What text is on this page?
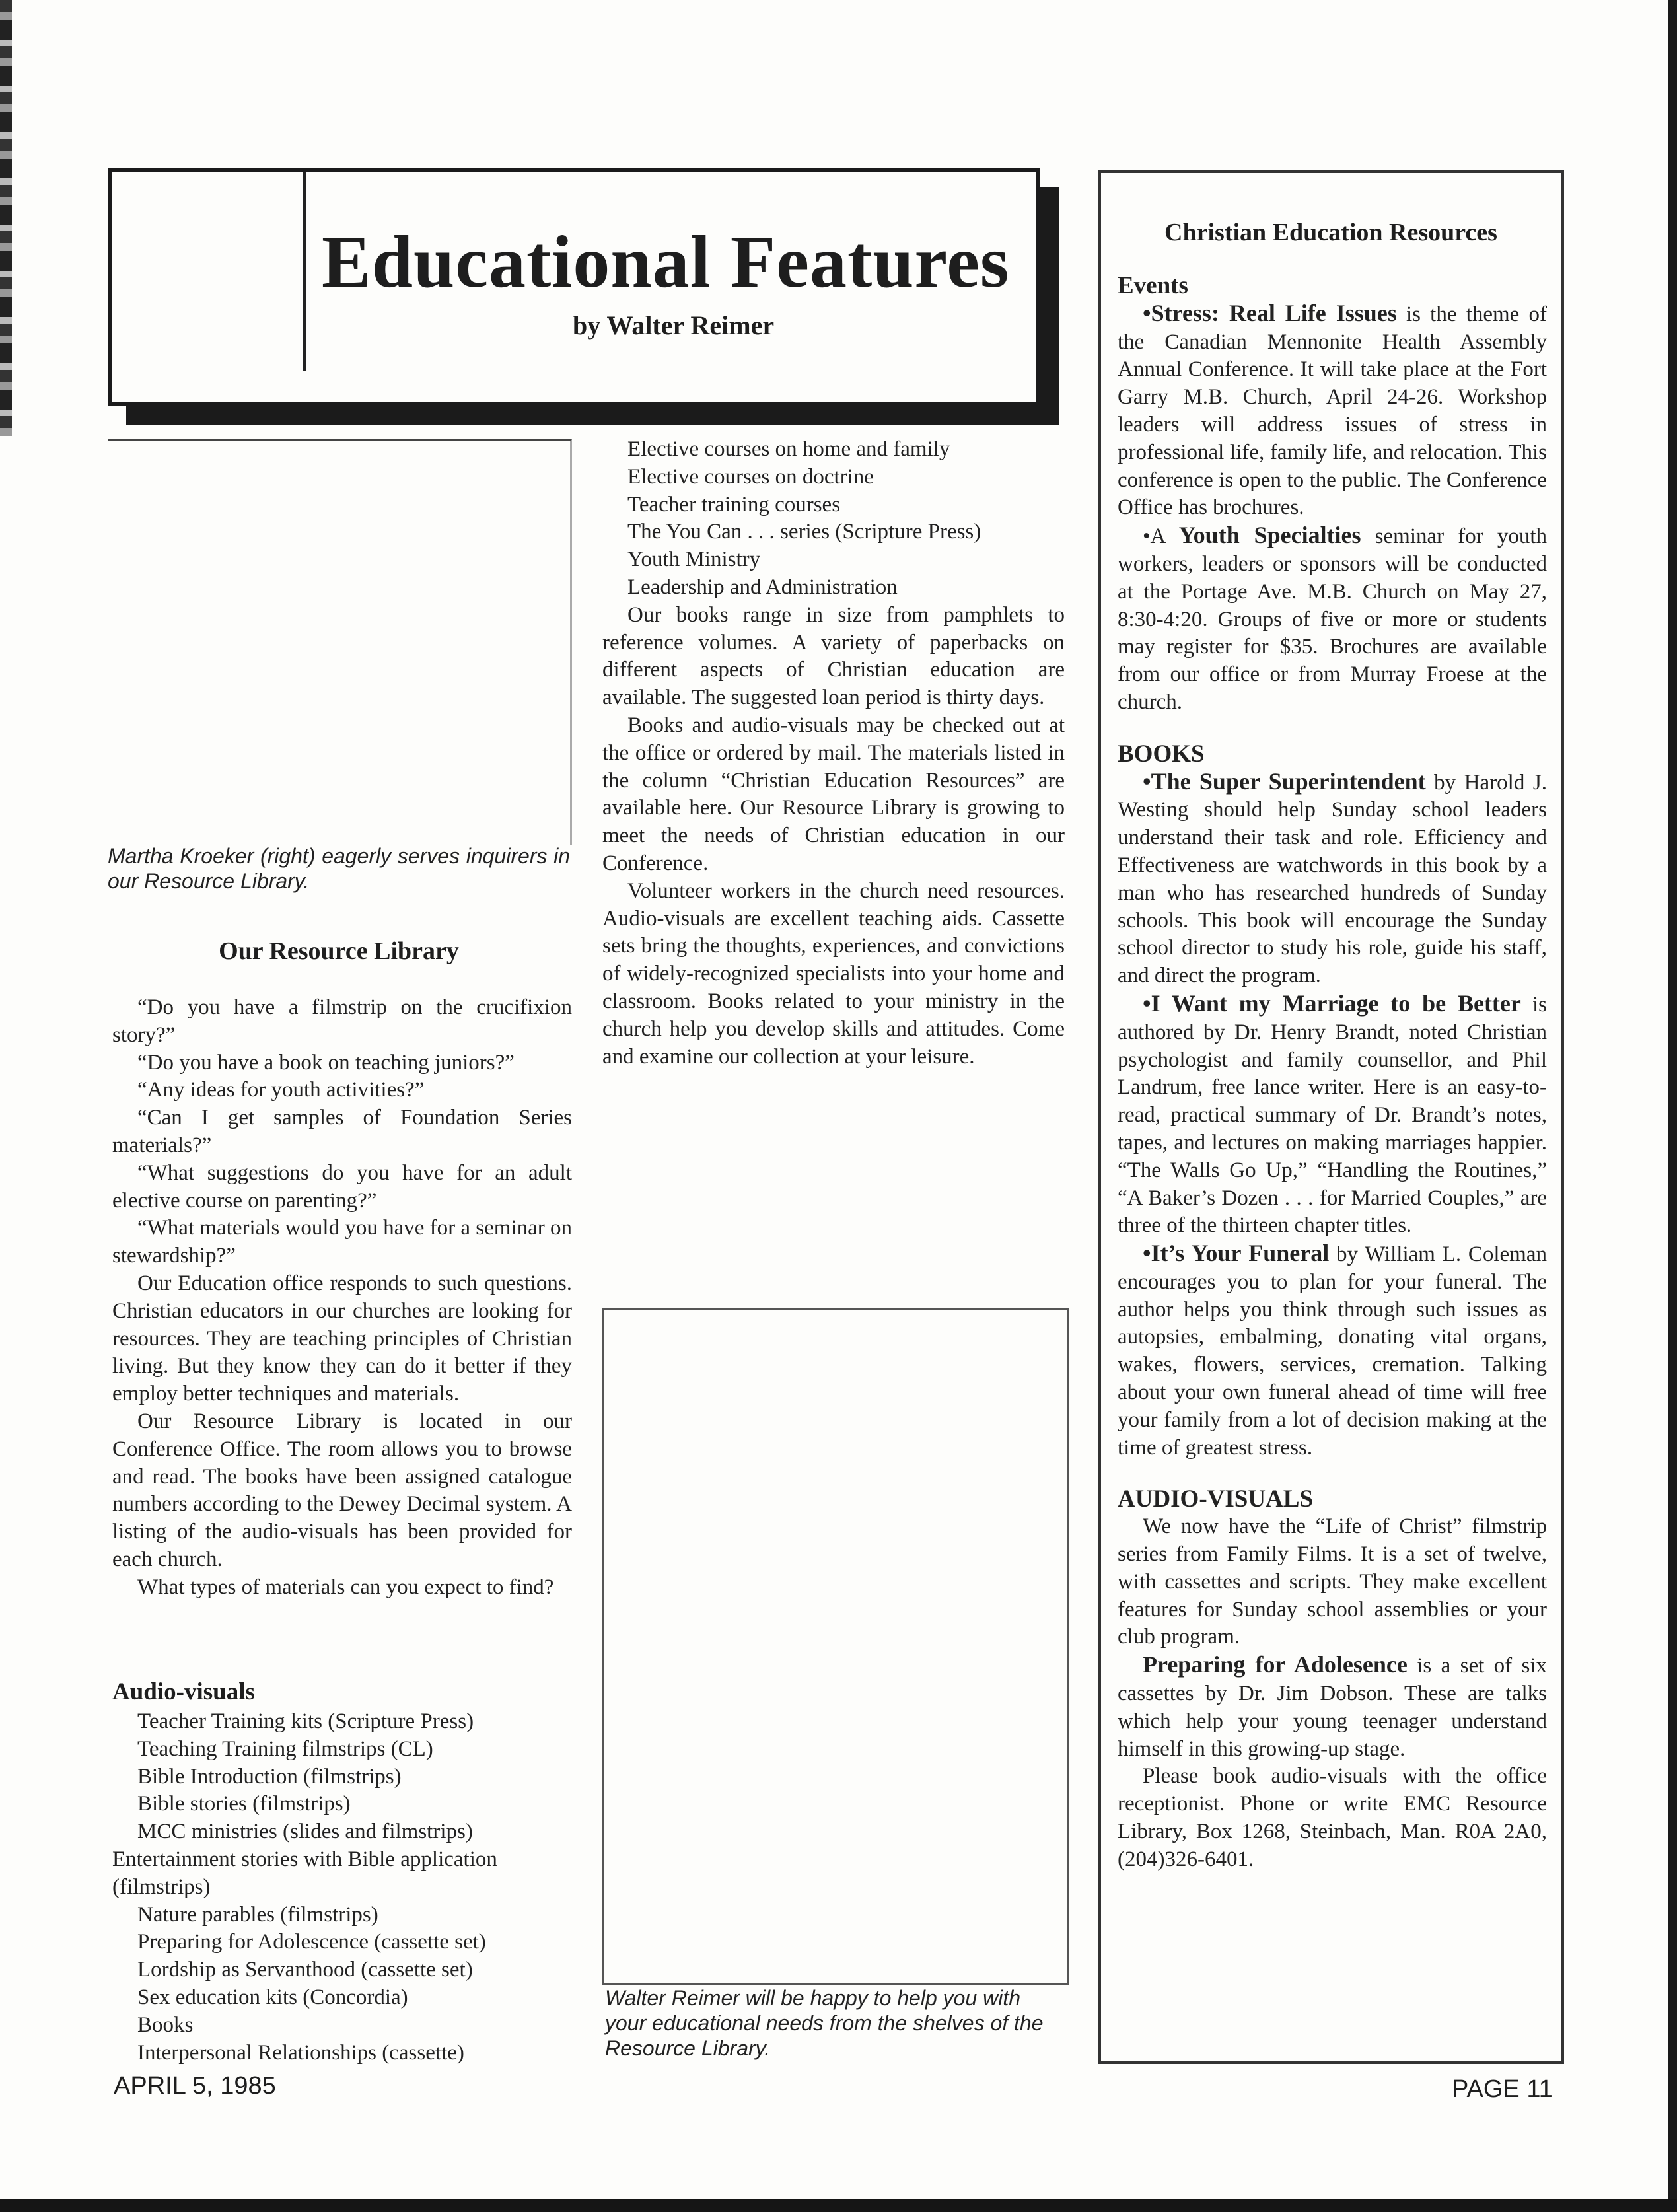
Educational Features
by Walter Reimer
Martha Kroeker (right) eagerly serves inquirers in our Resource Library.
Our Resource Library

“Do you have a filmstrip on the crucifixion story?”

“Do you have a book on teaching juniors?”

“Any ideas for youth activities?”

“Can I get samples of Foundation Series materials?”

“What suggestions do you have for an adult elective course on parenting?”

“What materials would you have for a seminar on stewardship?”

Our Education office responds to such questions. Christian educators in our churches are looking for resources. They are teaching principles of Christian living. But they know they can do it better if they employ better techniques and materials.

Our Resource Library is located in our Conference Office. The room allows you to browse and read. The books have been assigned catalogue numbers according to the Dewey Decimal system. A listing of the audio-visuals has been provided for each church.

What types of materials can you expect to find?

Audio-visuals
Teacher Training kits (Scripture Press)
Teaching Training filmstrips (CL)
Bible Introduction (filmstrips)
Bible stories (filmstrips)
MCC ministries (slides and filmstrips)
Entertainment stories with Bible application (filmstrips)
Nature parables (filmstrips)
Preparing for Adolescence (cassette set)
Lordship as Servanthood (cassette set)
Sex education kits (Concordia)
Books
Interpersonal Relationships (cassette)
Elective courses on home and family
Elective courses on doctrine
Teacher training courses
The You Can . . . series (Scripture Press)
Youth Ministry
Leadership and Administration

Our books range in size from pamphlets to reference volumes. A variety of paperbacks on different aspects of Christian education are available. The suggested loan period is thirty days.

Books and audio-visuals may be checked out at the office or ordered by mail. The materials listed in the column “Christian Education Resources” are available here. Our Resource Library is growing to meet the needs of Christian education in our Conference.

Volunteer workers in the church need resources. Audio-visuals are excellent teaching aids. Cassette sets bring the thoughts, experiences, and convictions of widely-recognized specialists into your home and classroom. Books related to your ministry in the church help you develop skills and attitudes. Come and examine our collection at your leisure.

Walter Reimer will be happy to help you with your educational needs from the shelves of the Resource Library.
Christian Education Resources
Events

•Stress: Real Life Issues is the theme of the Canadian Mennonite Health Assembly Annual Conference. It will take place at the Fort Garry M.B. Church, April 24-26. Workshop leaders will address issues of stress in professional life, family life, and relocation. This conference is open to the public. The Conference Office has brochures.

•A Youth Specialties seminar for youth workers, leaders or sponsors will be conducted at the Portage Ave. M.B. Church on May 27, 8:30-4:20. Groups of five or more or students may register for $35. Brochures are available from our office or from Murray Froese at the church.

BOOKS

•The Super Superintendent by Harold J. Westing should help Sunday school leaders understand their task and role. Efficiency and Effectiveness are watchwords in this book by a man who has researched hundreds of Sunday schools. This book will encourage the Sunday school director to study his role, guide his staff, and direct the program.

•I Want my Marriage to be Better is authored by Dr. Henry Brandt, noted Christian psychologist and family counsellor, and Phil Landrum, free lance writer. Here is an easy-to-read, practical summary of Dr. Brandt’s notes, tapes, and lectures on making marriages happier. “The Walls Go Up,” “Handling the Routines,” “A Baker’s Dozen . . . for Married Couples,” are three of the thirteen chapter titles.

•It’s Your Funeral by William L. Coleman encourages you to plan for your funeral. The author helps you think through such issues as autopsies, embalming, donating vital organs, wakes, flowers, services, cremation. Talking about your own funeral ahead of time will free your family from a lot of decision making at the time of greatest stress.

AUDIO-VISUALS

We now have the “Life of Christ” filmstrip series from Family Films. It is a set of twelve, with cassettes and scripts. They make excellent features for Sunday school assemblies or your club program.

Preparing for Adolesence is a set of six cassettes by Dr. Jim Dobson. These are talks which help your young teenager understand himself in this growing-up stage.

Please book audio-visuals with the office receptionist. Phone or write EMC Resource Library, Box 1268, Steinbach, Man. R0A 2A0, (204)326-6401.

APRIL 5, 1985	PAGE 11
